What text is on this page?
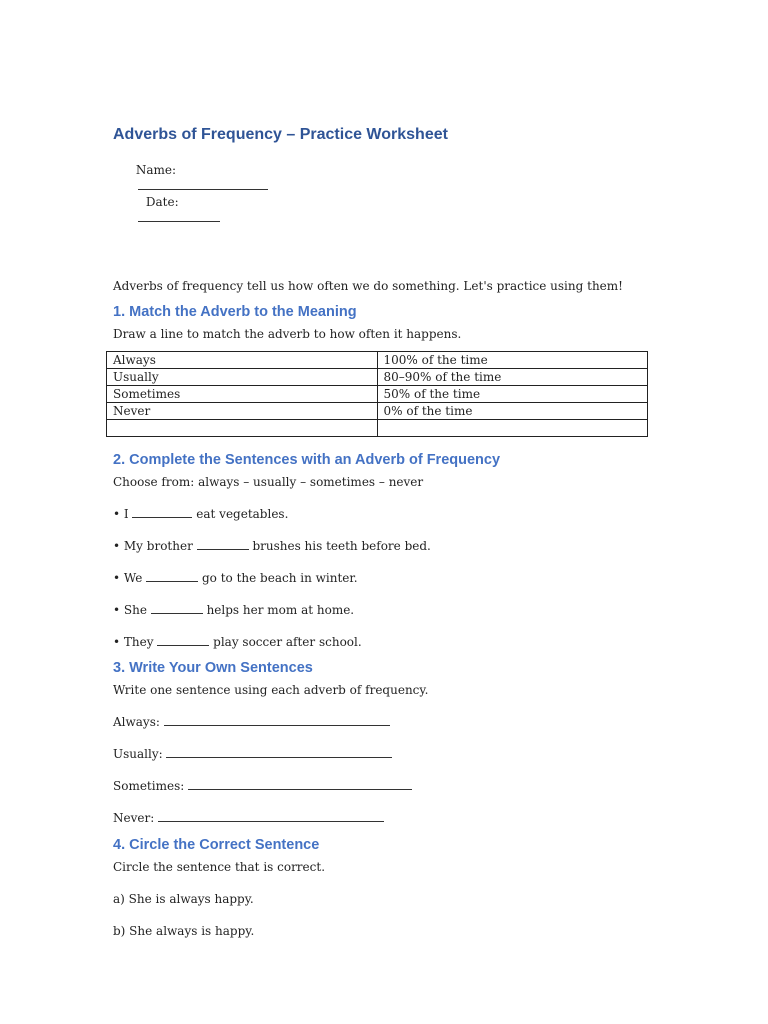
Adverbs of Frequency – Practice Worksheet

Name:

Date:

Adverbs of frequency tell us how often we do something. Let's practice using them!
1. Match the Adverb to the Meaning
Draw a line to match the adverb to how often it happens.
Always	100% of the time
Usually	80–90% of the time
Sometimes	50% of the time
Never	0% of the time

2. Complete the Sentences with an Adverb of Frequency
Choose from: always – usually – sometimes – never
• I	eat vegetables.
• My brother	brushes his teeth before bed.
• We	go to the beach in winter.
• She	helps her mom at home.
• They	play soccer after school.
3. Write Your Own Sentences
Write one sentence using each adverb of frequency.
Always:
Usually:
Sometimes:
Never:
4. Circle the Correct Sentence
Circle the sentence that is correct.
a) She is always happy.
b) She always is happy.
